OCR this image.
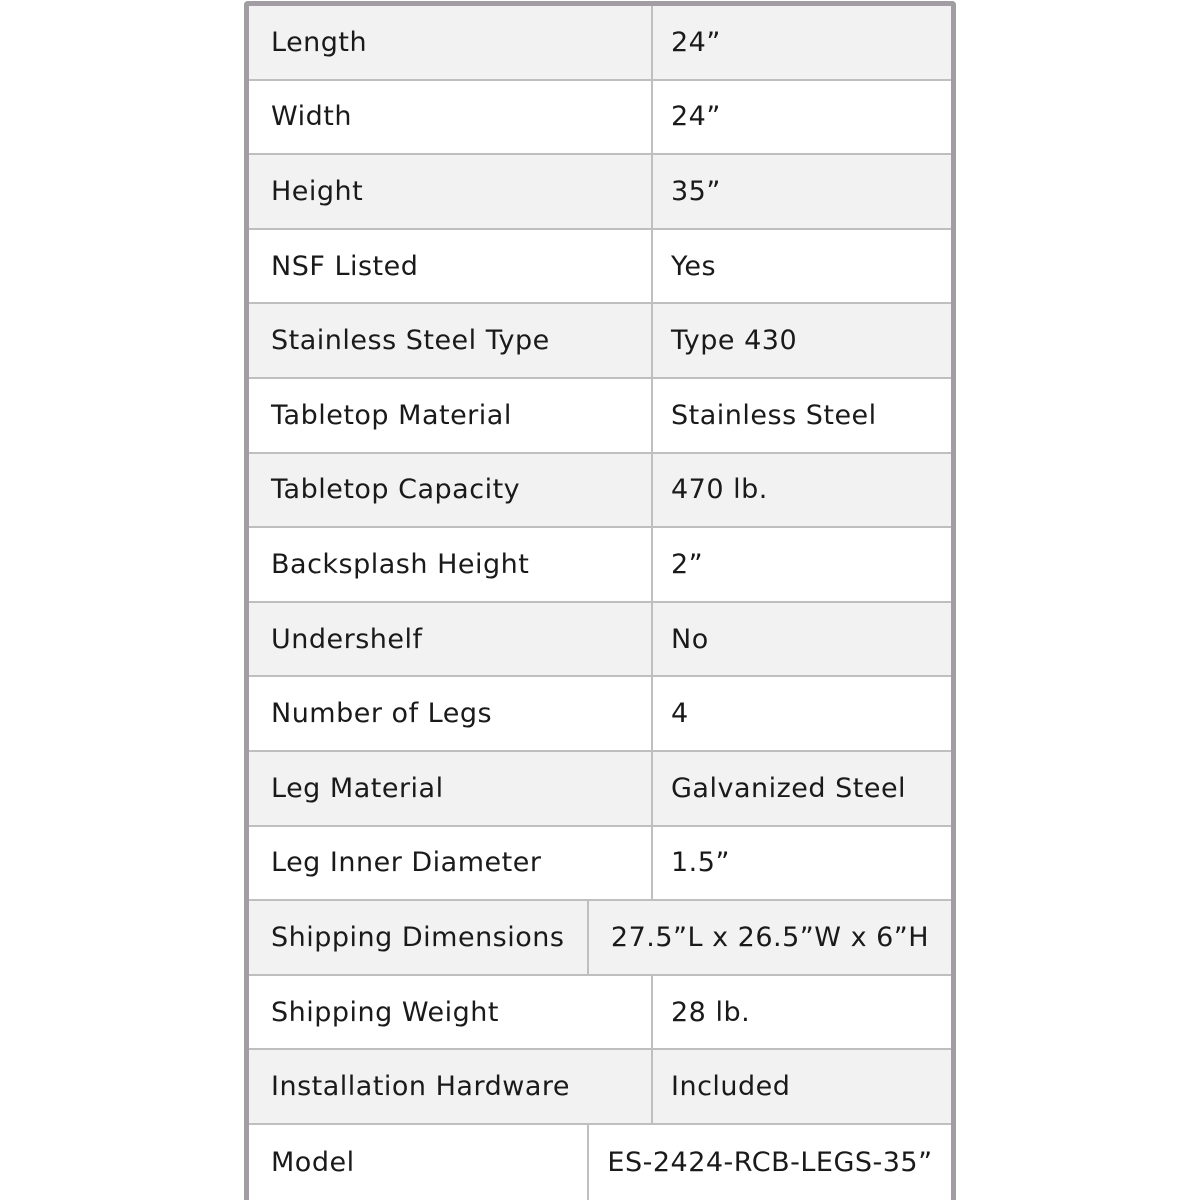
Length	24”
Width	24”
Height	35”
NSF Listed	Yes
Stainless Steel Type	Type 430
Tabletop Material	Stainless Steel
Tabletop Capacity	470 lb.
Backsplash Height	2”
Undershelf	No
Number of Legs	4
Leg Material	Galvanized Steel
Leg Inner Diameter	1.5”
Shipping Dimensions	27.5”L x 26.5”W x 6”H
Shipping Weight	28 lb.
Installation Hardware	Included
Model	ES-2424-RCB-LEGS-35”
